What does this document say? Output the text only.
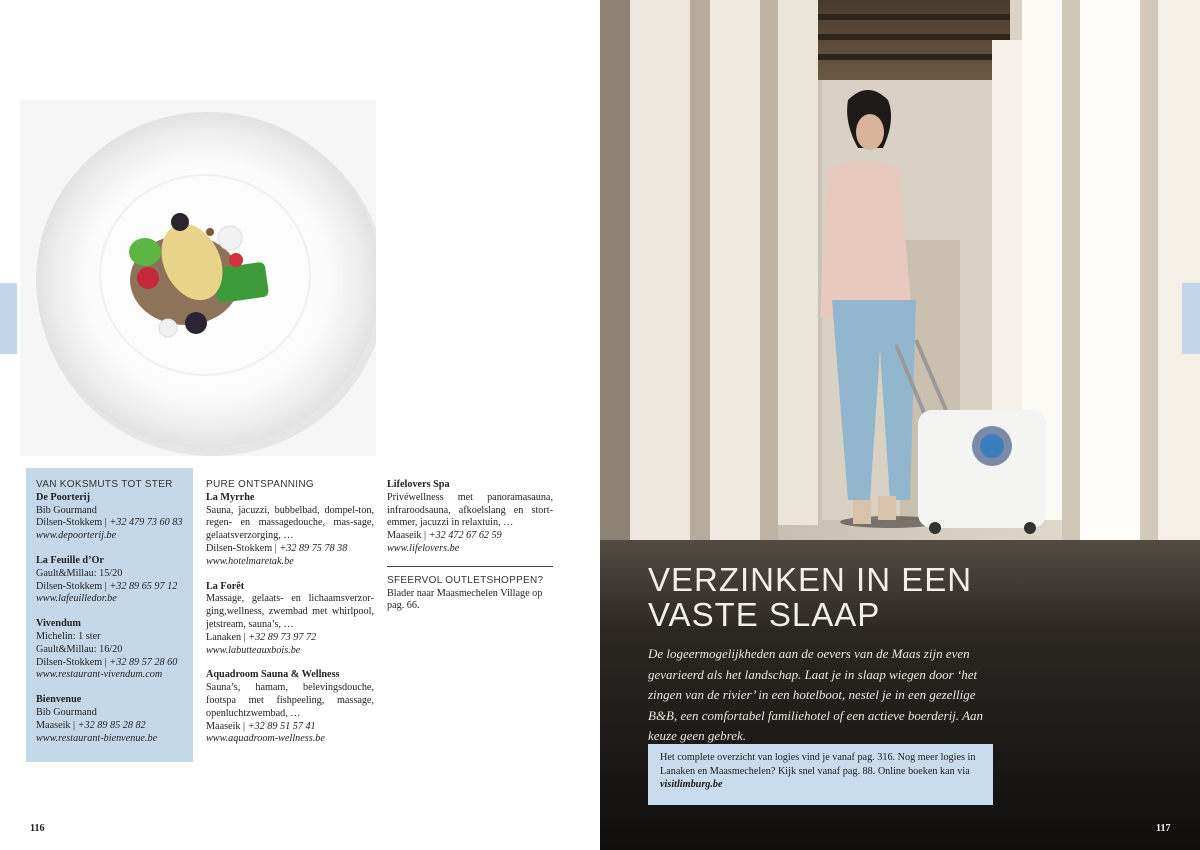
VAN KOKSMUTS TOT STER
De Poorterij
Bib Gourmand
Dilsen-Stokkem | +32 479 73 60 83
www.depoorterij.be
La Feuille d’Or
Gault&Millau: 15/20
Dilsen-Stokkem | +32 89 65 97 12
www.lafeuilledor.be
Vivendum
Michelin: 1 ster
Gault&Millau: 16/20
Dilsen-Stokkem | +32 89 57 28 60
www.restaurant-vivendum.com
Bienvenue
Bib Gourmand
Maaseik | +32 89 85 28 82
www.restaurant-bienvenue.be
PURE ONTSPANNING
La Myrrhe
Sauna, jacuzzi, bubbelbad, dompel-ton, regen- en massagedouche, mas-sage, gelaatsverzorging, …
Dilsen-Stokkem | +32 89 75 78 38
www.hotelmaretak.be
La Forêt
Massage, gelaats- en lichaamsverzor-ging,wellness, zwembad met whirlpool, jetstream, sauna’s, …
Lanaken | +32 89 73 97 72
www.labutteauxbois.be
Aquadroom Sauna & Wellness
Sauna’s, hamam, belevingsdouche, footspa met fishpeeling, massage, openluchtzwembad, …
Maaseik | +32 89 51 57 41
www.aquadroom-wellness.be
Lifelovers Spa
Privéwellness met panoramasauna, infraroodsauna, afkoelslang en stort-emmer, jacuzzi in relaxtuin, …
Maaseik | +32 472 67 62 59
www.lifelovers.be
SFEERVOL OUTLETSHOPPEN?
Blader naar Maasmechelen Village op pag. 66.
116	117
VERZINKEN IN EEN
VASTE SLAAP
De logeermogelijkheden aan de oevers van de Maas zijn even gevarieerd als het landschap. Laat je in slaap wiegen door ‘het zingen van de rivier’ in een hotelboot, nestel je in een gezellige B&B, een comfortabel familiehotel of een actieve boerderij. Aan keuze geen gebrek.
Het complete overzicht van logies vind je vanaf pag. 316. Nog meer logies in Lanaken en Maasmechelen? Kijk snel vanaf pag. 88. Online boeken kan via visitlimburg.be
